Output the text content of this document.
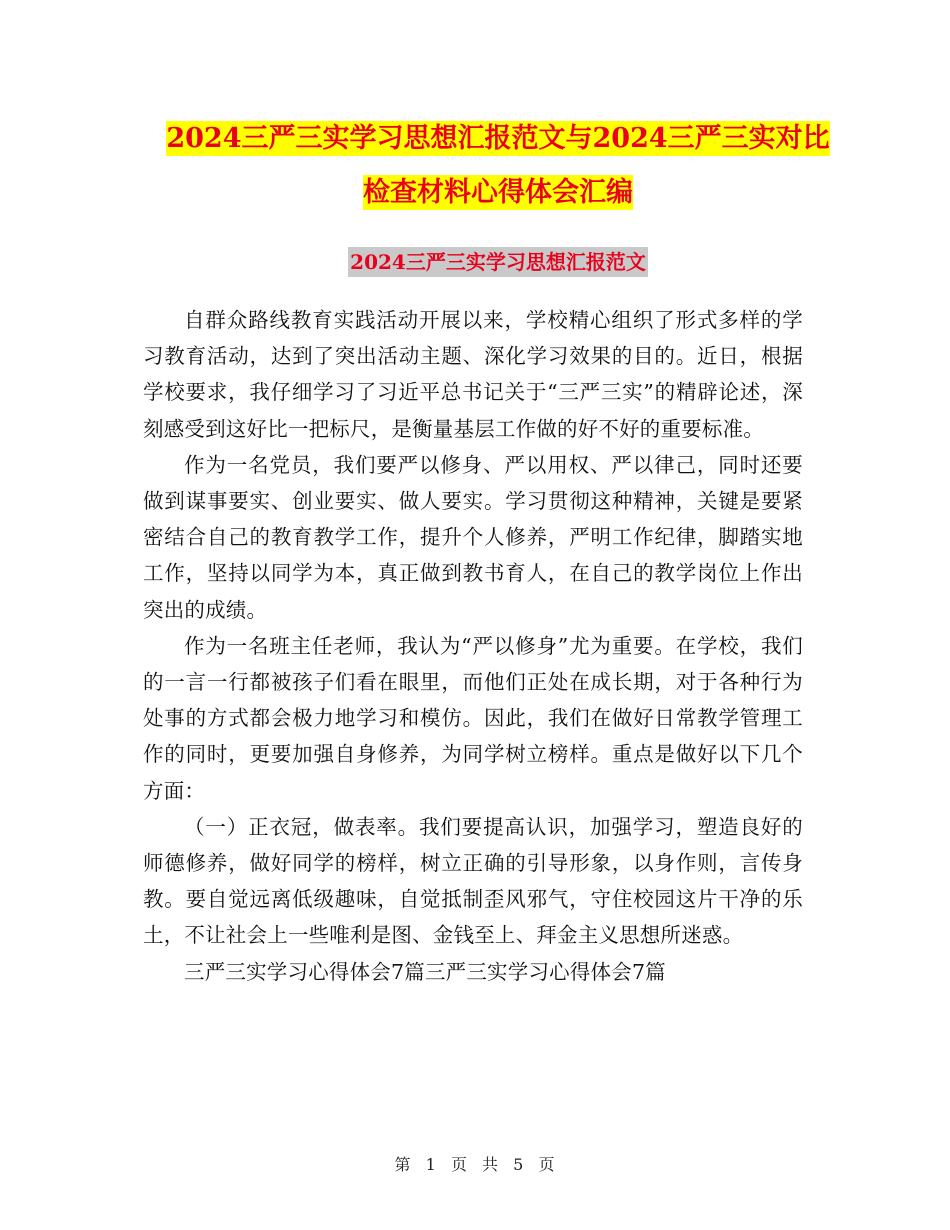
2024三严三实学习思想汇报范文与2024三严三实对比
检查材料心得体会汇编
2024三严三实学习思想汇报范文

自群众路线教育实践活动开展以来，学校精心组织了形式多样的学习教育活动，达到了突出活动主题、深化学习效果的目的。近日，根据学校要求，我仔细学习了习近平总书记关于“三严三实”的精辟论述，深刻感受到这好比一把标尺，是衡量基层工作做的好不好的重要标准。

作为一名党员，我们要严以修身、严以用权、严以律己，同时还要做到谋事要实、创业要实、做人要实。学习贯彻这种精神，关键是要紧密结合自己的教育教学工作，提升个人修养，严明工作纪律，脚踏实地工作，坚持以同学为本，真正做到教书育人，在自己的教学岗位上作出突出的成绩。

作为一名班主任老师，我认为“严以修身”尤为重要。在学校，我们的一言一行都被孩子们看在眼里，而他们正处在成长期，对于各种行为处事的方式都会极力地学习和模仿。因此，我们在做好日常教学管理工作的同时，更要加强自身修养，为同学树立榜样。重点是做好以下几个方面：

（一）正衣冠，做表率。我们要提高认识，加强学习，塑造良好的师德修养，做好同学的榜样，树立正确的引导形象，以身作则，言传身教。要自觉远离低级趣味，自觉抵制歪风邪气，守住校园这片干净的乐土，不让社会上一些唯利是图、金钱至上、拜金主义思想所迷惑。

三严三实学习心得体会7篇三严三实学习心得体会7篇

第 1 页 共 5 页
